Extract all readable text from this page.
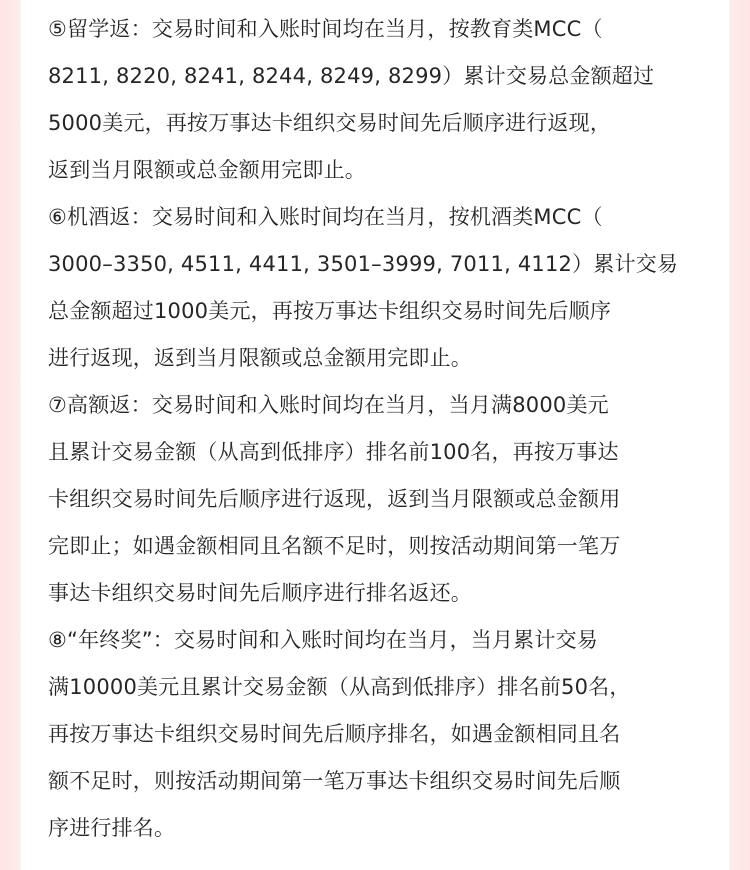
⑤留学返：交易时间和入账时间均在当月，按教育类MCC（
8211, 8220, 8241, 8244, 8249, 8299）累计交易总金额超过
5000美元，再按万事达卡组织交易时间先后顺序进行返现，
返到当月限额或总金额用完即止。

⑥机酒返：交易时间和入账时间均在当月，按机酒类MCC（
3000–3350, 4511, 4411, 3501–3999, 7011, 4112）累计交易
总金额超过1000美元，再按万事达卡组织交易时间先后顺序
进行返现，返到当月限额或总金额用完即止。

⑦高额返：交易时间和入账时间均在当月，当月满8000美元
且累计交易金额（从高到低排序）排名前100名，再按万事达
卡组织交易时间先后顺序进行返现，返到当月限额或总金额用
完即止；如遇金额相同且名额不足时，则按活动期间第一笔万
事达卡组织交易时间先后顺序进行排名返还。

⑧“年终奖”：交易时间和入账时间均在当月，当月累计交易
满10000美元且累计交易金额（从高到低排序）排名前50名，
再按万事达卡组织交易时间先后顺序排名，如遇金额相同且名
额不足时，则按活动期间第一笔万事达卡组织交易时间先后顺
序进行排名。
